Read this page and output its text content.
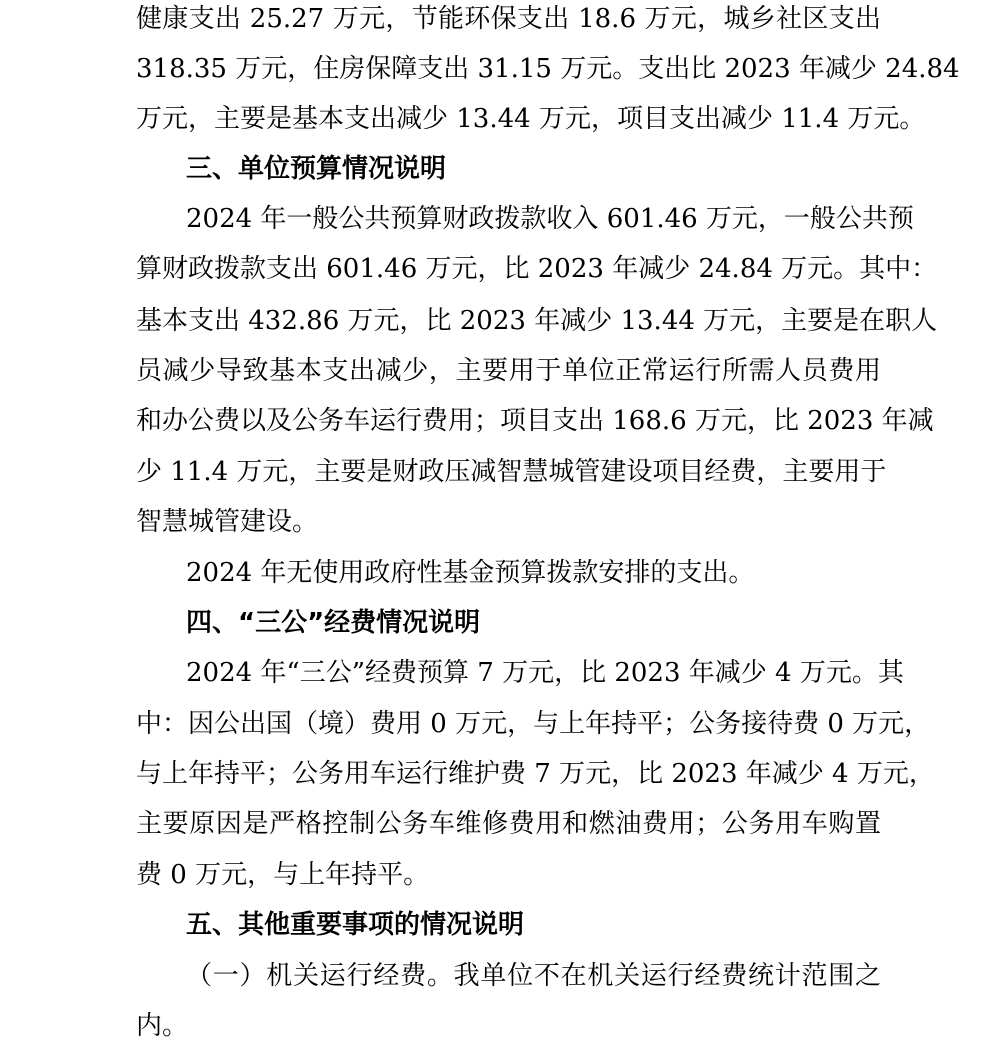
健康支出 25.27 万元，节能环保支出 18.6 万元，城乡社区支出
318.35 万元，住房保障支出 31.15 万元。支出比 2023 年减少 24.84
万元，主要是基本支出减少 13.44 万元，项目支出减少 11.4 万元。
三、单位预算情况说明
2024 年一般公共预算财政拨款收入 601.46 万元，一般公共预
算财政拨款支出 601.46 万元，比 2023 年减少 24.84 万元。其中：
基本支出 432.86 万元，比 2023 年减少 13.44 万元，主要是在职人
员减少导致基本支出减少，主要用于单位正常运行所需人员费用
和办公费以及公务车运行费用；项目支出 168.6 万元，比 2023 年减
少 11.4 万元，主要是财政压减智慧城管建设项目经费，主要用于
智慧城管建设。
2024 年无使用政府性基金预算拨款安排的支出。
四、“三公”经费情况说明
2024 年“三公”经费预算 7 万元，比 2023 年减少 4 万元。其
中：因公出国（境）费用 0 万元，与上年持平；公务接待费 0 万元，
与上年持平；公务用车运行维护费 7 万元，比 2023 年减少 4 万元，
主要原因是严格控制公务车维修费用和燃油费用；公务用车购置
费 0 万元，与上年持平。
五、其他重要事项的情况说明
（一）机关运行经费。我单位不在机关运行经费统计范围之
内。
